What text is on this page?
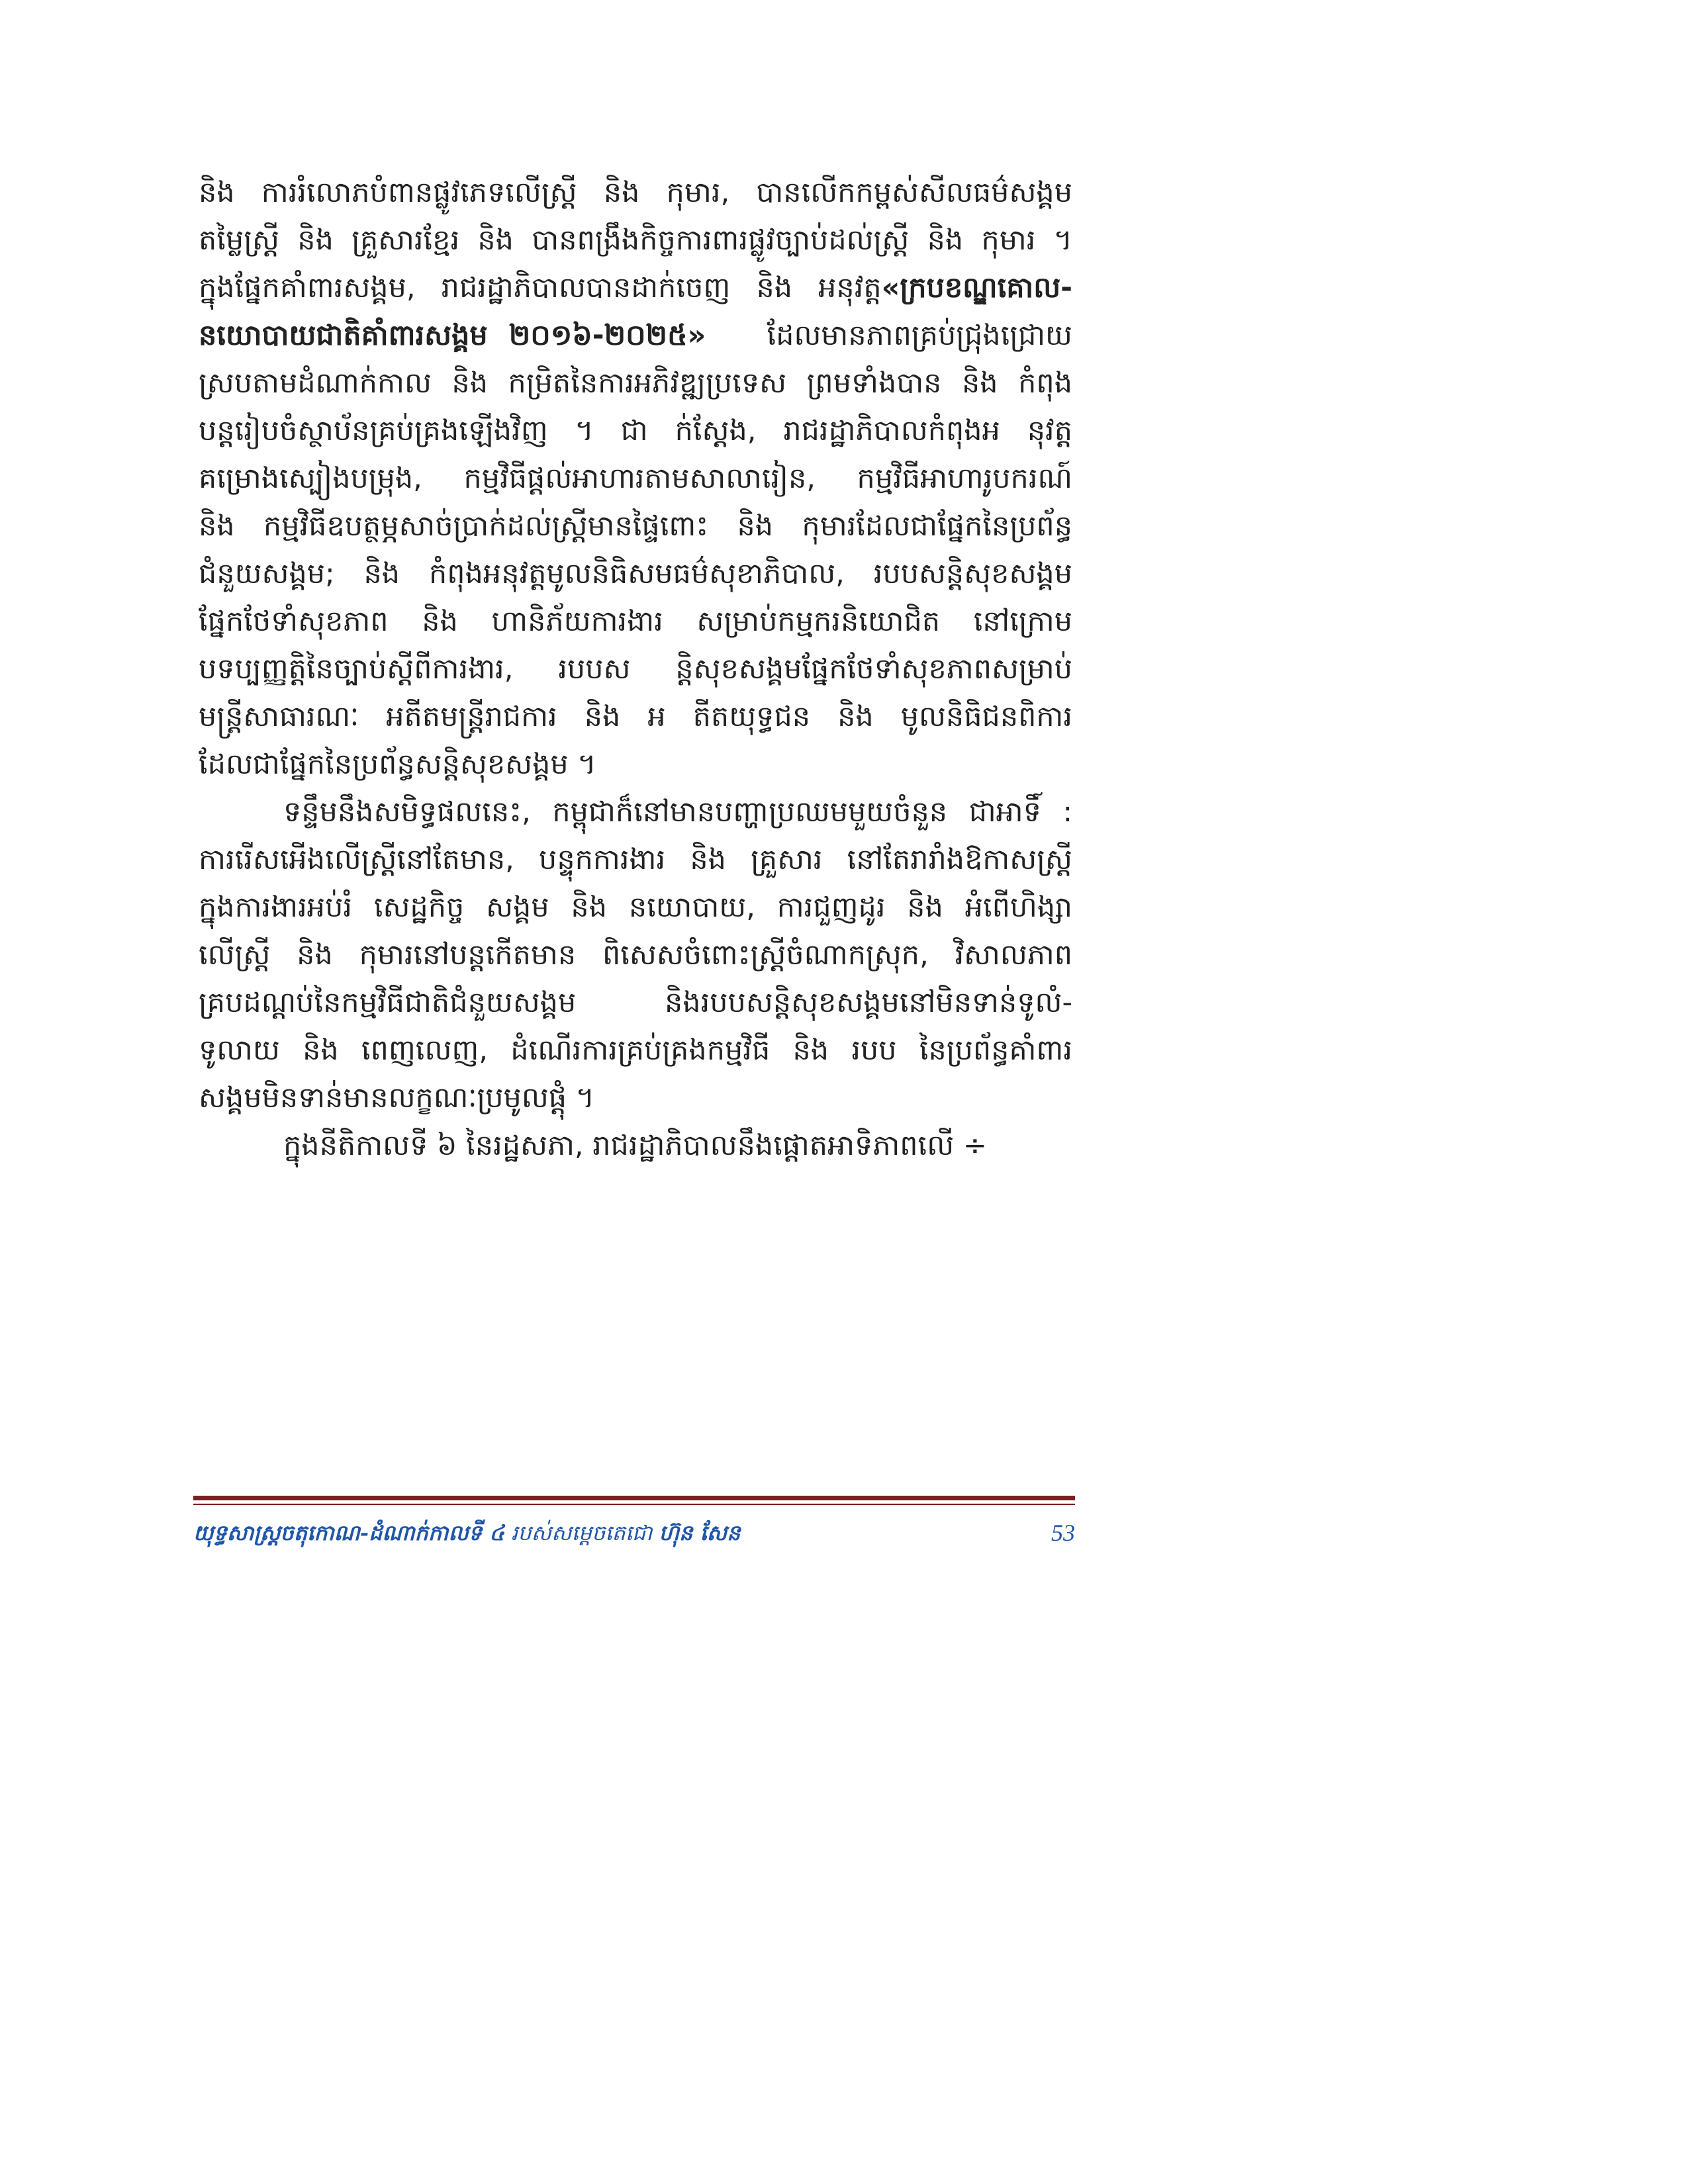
និង ការរំលោភបំពានផ្លូវភេទលើស្ត្រី និង កុមារ, បានលើកកម្ពស់សីលធម៌សង្គម
តម្លៃស្ត្រី និង គ្រួសារខ្មែរ និង បានពង្រឹងកិច្ចការពារផ្លូវច្បាប់ដល់ស្ត្រី និង កុមារ ។
ក្នុងផ្នែកគាំពារសង្គម, រាជរដ្ឋាភិបាលបានដាក់ចេញ និង អនុវត្ត«ក្របខណ្ឌគោល-
នយោបាយជាតិគាំពារសង្គម ២០១៦-២០២៥» ដែលមានភាពគ្រប់ជ្រុងជ្រោយ
ស្របតាមដំណាក់កាល និង កម្រិតនៃការអភិវឌ្ឍប្រទេស ព្រមទាំងបាន និង កំពុង
បន្តរៀបចំស្ថាប័នគ្រប់គ្រងឡើងវិញ ។ ជា ក់ស្ដែង, រាជរដ្ឋាភិបាលកំពុងអ នុវត្ត
គម្រោងស្បៀងបម្រុង, កម្មវិធីផ្ដល់អាហារតាមសាលារៀន, កម្មវិធីអាហារូបករណ៍
និង កម្មវិធីឧបត្ថម្ភសាច់ប្រាក់ដល់ស្ត្រីមានផ្ទៃពោះ និង កុមារដែលជាផ្នែកនៃប្រព័ន្ធ
ជំនួយសង្គម; និង កំពុងអនុវត្តមូលនិធិសមធម៌សុខាភិបាល, របបសន្តិសុខសង្គម
ផ្នែកថែទាំសុខភាព និង ហានិភ័យការងារ សម្រាប់កម្មករនិយោជិត នៅក្រោម
បទប្បញ្ញត្តិនៃច្បាប់ស្ដីពីការងារ, របបស ន្តិសុខសង្គមផ្នែកថែទាំសុខភាពសម្រាប់
មន្ត្រីសាធារណៈ អតីតមន្ត្រីរាជការ និង អ តីតយុទ្ធជន និង មូលនិធិជនពិការ
ដែលជាផ្នែកនៃប្រព័ន្ធសន្តិសុខសង្គម ។
ទន្ទឹមនឹងសមិទ្ធផលនេះ, កម្ពុជាក៏នៅមានបញ្ហាប្រឈមមួយចំនួន ជាអាទិ៍ :
ការរើសអើងលើស្ត្រីនៅតែមាន, បន្ទុកការងារ និង គ្រួសារ នៅតែរារាំងឱកាសស្ត្រី
ក្នុងការងារអប់រំ សេដ្ឋកិច្ច សង្គម និង នយោបាយ, ការជួញដូរ និង អំពើហិង្សា
លើស្ត្រី និង កុមារនៅបន្តកើតមាន ពិសេសចំពោះស្ត្រីចំណាកស្រុក, វិសាលភាព
គ្របដណ្ដប់នៃកម្មវិធីជាតិជំនួយសង្គម និងរបបសន្តិសុខសង្គមនៅមិនទាន់ទូលំ-
ទូលាយ និង ពេញលេញ, ដំណើរការគ្រប់គ្រងកម្មវិធី និង របប នៃប្រព័ន្ធគាំពារ
សង្គមមិនទាន់មានលក្ខណៈប្រមូលផ្ដុំ ។
ក្នុងនីតិកាលទី ៦ នៃរដ្ឋសភា, រាជរដ្ឋាភិបាលនឹងផ្ដោតអាទិភាពលើ ÷
យុទ្ធសាស្ត្រចតុកោណ-ដំណាក់កាលទី ៤ របស់សម្ដេចតេជោ ហ៊ុន សែន	53
